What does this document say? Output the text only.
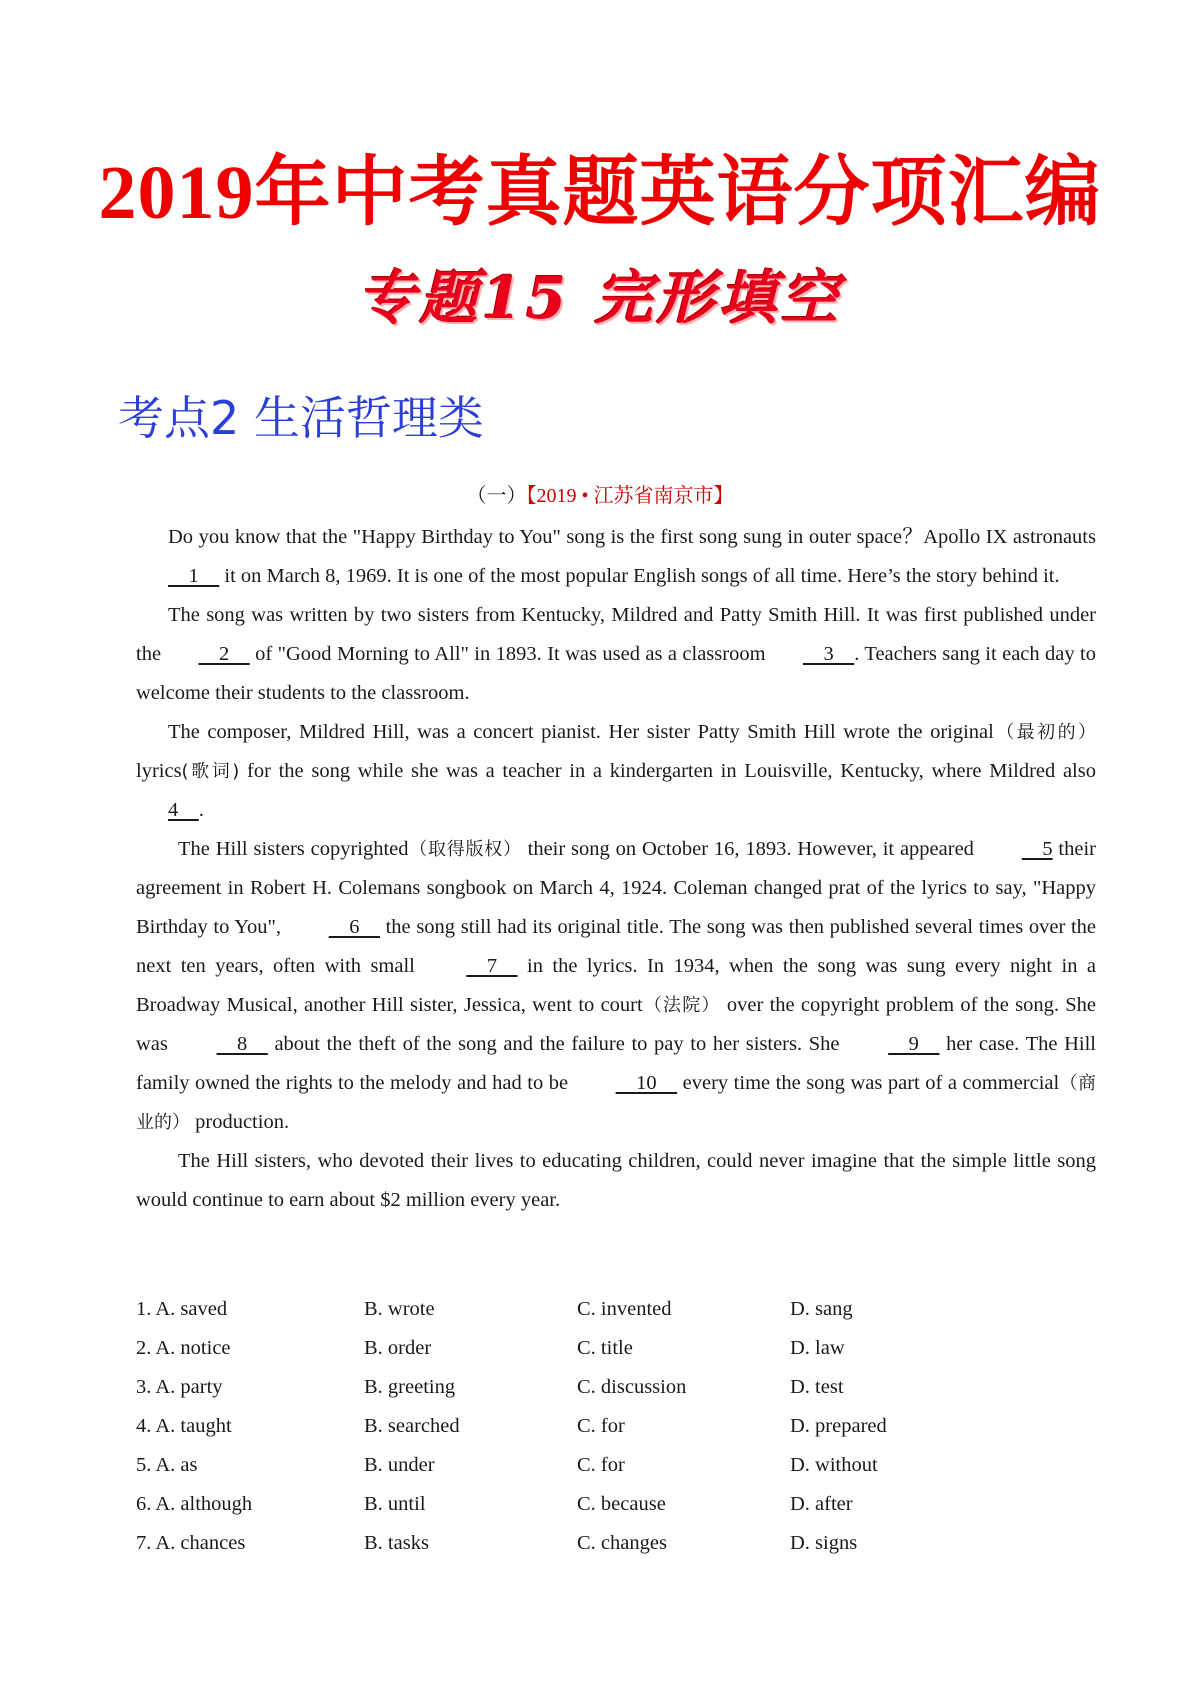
2019年中考真题英语分项汇编
专题15 完形填空
考点2 生活哲理类
（一）【2019 • 江苏省南京市】

Do you know that the "Happy Birthday to You" song is the first song sung in outer space？Apollo IX astronauts     1     it on March 8, 1969. It is one of the most popular English songs of all time. Here’s the story behind it.

The song was written by two sisters from Kentucky, Mildred and Patty Smith Hill. It was first published under the     2     of "Good Morning to All" in 1893. It was used as a classroom     3    . Teachers sang it each day to welcome their students to the classroom.

The composer, Mildred Hill, was a concert pianist. Her sister Patty Smith Hill wrote the original（最初的） lyrics(歌词) for the song while she was a teacher in a kindergarten in Louisville, Kentucky, where Mildred also 4    .

The Hill sisters copyrighted（取得版权） their song on October 16, 1893. However, it appeared     5 their agreement in Robert H. Colemans songbook on March 4, 1924. Coleman changed prat of the lyrics to say, "Happy Birthday to You",     6     the song still had its original title. The song was then published several times over the next ten years, often with small     7     in the lyrics. In 1934, when the song was sung every night in a Broadway Musical, another Hill sister, Jessica, went to court（法院） over the copyright problem of the song. She was     8     about the theft of the song and the failure to pay to her sisters. She     9     her case. The Hill family owned the rights to the melody and had to be     10     every time the song was part of a commercial（商业的） production.

The Hill sisters, who devoted their lives to educating children, could never imagine that the simple little song would continue to earn about $2 million every year.

1. A. saved	B. wrote	C. invented	D. sang
2. A. notice	B. order	C. title	D. law
3. A. party	B. greeting	C. discussion	D. test
4. A. taught	B. searched	C. for	D. prepared
5. A. as	B. under	C. for	D. without
6. A. although	B. until	C. because	D. after
7. A. chances	B. tasks	C. changes	D. signs
